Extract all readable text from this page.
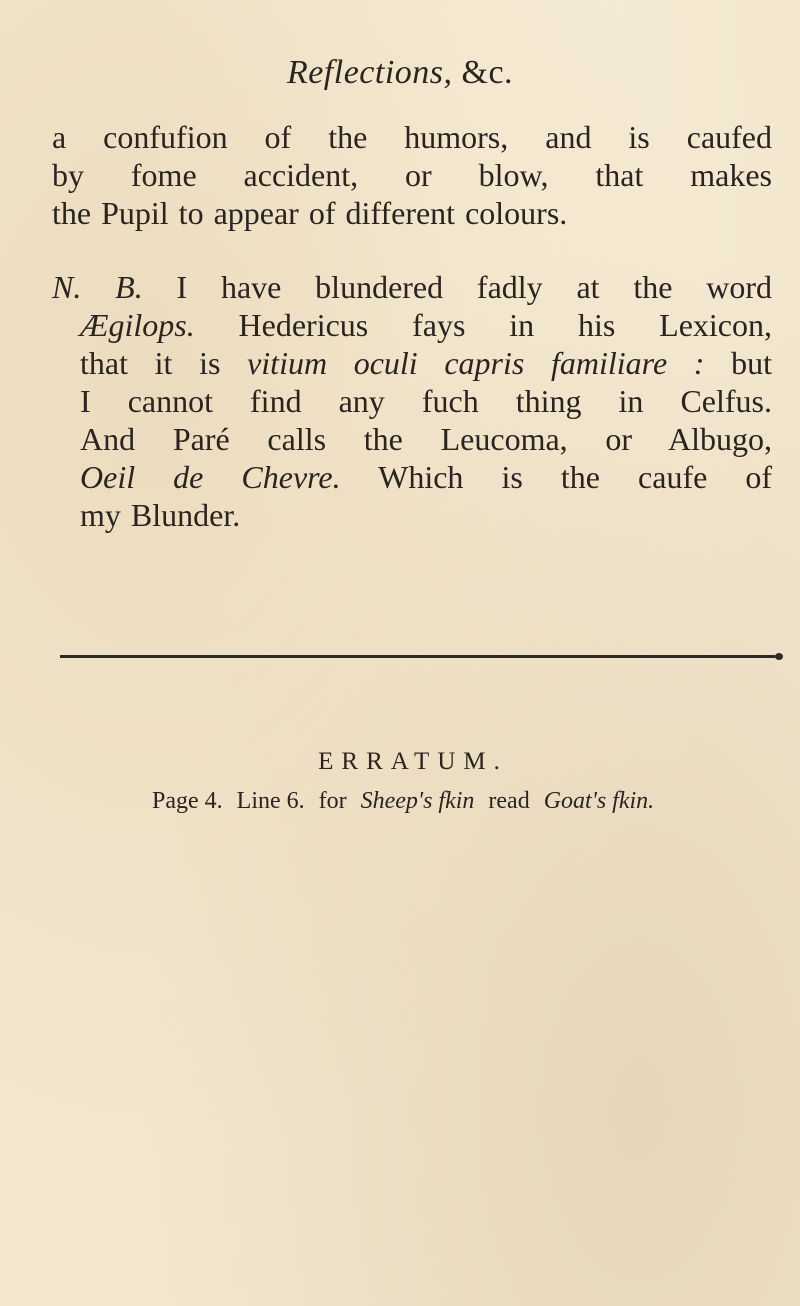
Reflections, &c.
a confufion of the humors, and is caufed
by fome accident, or blow, that makes
the Pupil to appear of different colours.
N. B. I have blundered fadly at the word
Ægilops. Hedericus fays in his Lexicon,
that it is vitium oculi capris familiare : but
I cannot find any fuch thing in Celfus.
And Paré calls the Leucoma, or Albugo,
Oeil de Chevre. Which is the caufe of
my Blunder.
ERRATUM.
Page 4. Line 6. for Sheep's fkin read Goat's fkin.
